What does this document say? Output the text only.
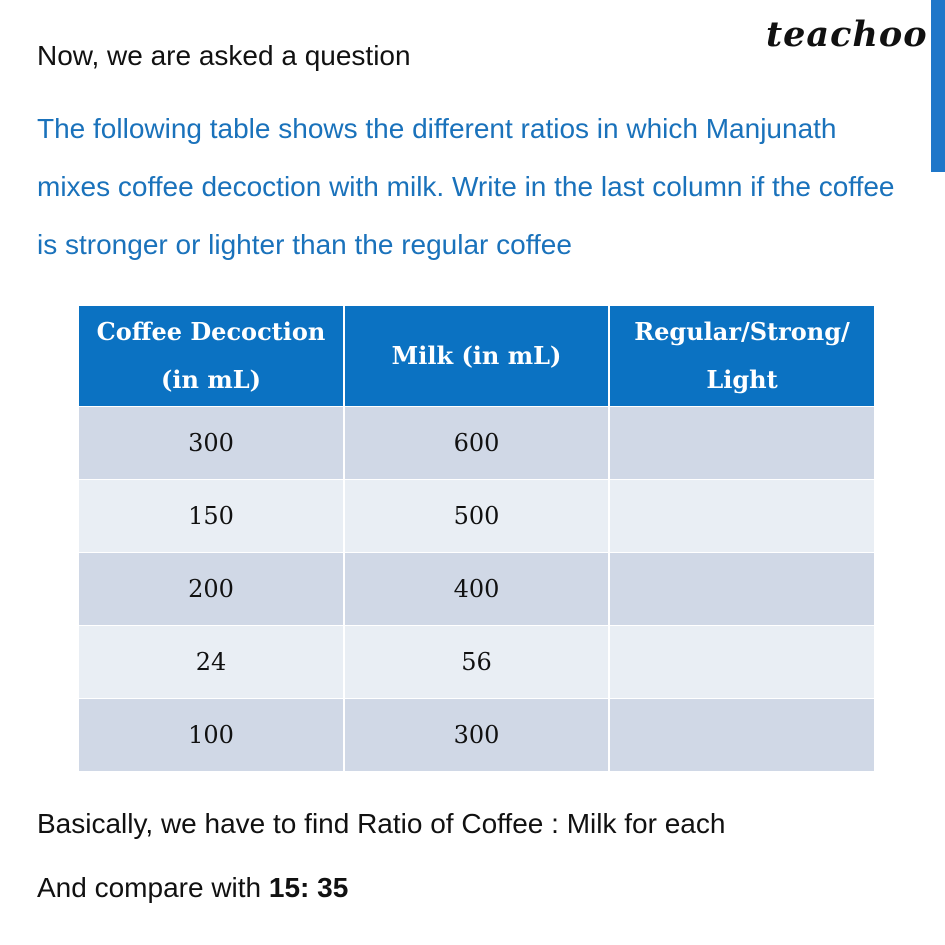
teachoo
Now, we are asked a question
The following table shows the different ratios in which Manjunath mixes coffee decoction with milk. Write in the last column if the coffee is stronger or lighter than the regular coffee
Coffee Decoction (in mL)	Milk (in mL)	Regular/Strong/ Light
300	600	
150	500	
200	400	
24	56	
100	300	
Basically, we have to find Ratio of Coffee : Milk for each
And compare with 15: 35
